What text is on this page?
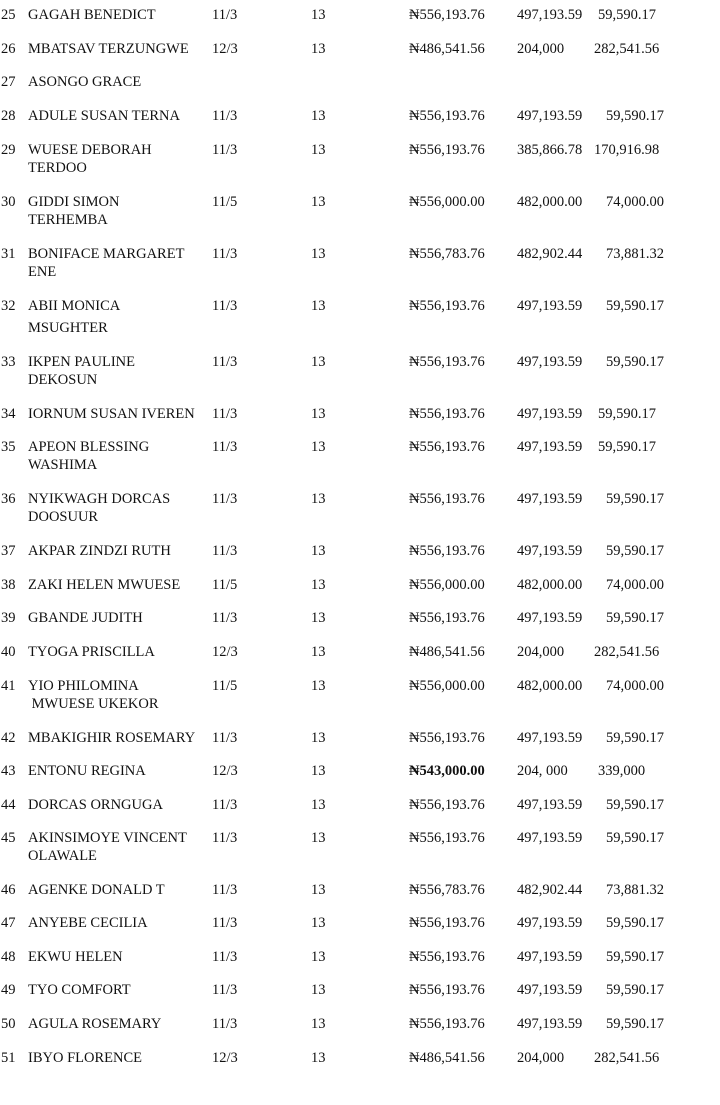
25 GAGAH BENEDICT	11/3	13	₦556,193.76 497,193.59 59,590.17
26 MBATSAV TERZUNGWE	12/3	13	₦486,541.56 204,000 282,541.56
27 ASONGO GRACE
28 ADULE SUSAN TERNA	11/3	13	₦556,193.76 497,193.59 59,590.17
29 WUESE DEBORAH
TERDOO
11/3	13	₦556,193.76 385,866.78 170,916.98
30 GIDDI SIMON
TERHEMBA
11/5	13	₦556,000.00 482,000.00 74,000.00
31 BONIFACE MARGARET
ENE
11/3	13	₦556,783.76 482,902.44 73,881.32
32 ABII MONICA
MSUGHTER
11/3	13	₦556,193.76 497,193.59 59,590.17
33 IKPEN PAULINE
DEKOSUN
11/3	13	₦556,193.76 497,193.59 59,590.17
34 IORNUM SUSAN IVEREN	11/3	13	₦556,193.76 497,193.59 59,590.17
35 APEON BLESSING
WASHIMA
11/3	13	₦556,193.76 497,193.59 59,590.17
36 NYIKWAGH DORCAS
DOOSUUR
11/3	13	₦556,193.76 497,193.59 59,590.17
37 AKPAR ZINDZI RUTH	11/3	13	₦556,193.76 497,193.59 59,590.17
38 ZAKI HELEN MWUESE	11/5	13	₦556,000.00 482,000.00 74,000.00
39 GBANDE JUDITH	11/3	13	₦556,193.76 497,193.59 59,590.17
40 TYOGA PRISCILLA	12/3	13	₦486,541.56 204,000 282,541.56
41 YIO PHILOMINA
MWUESE UKEKOR
11/5	13	₦556,000.00 482,000.00 74,000.00
42 MBAKIGHIR ROSEMARY	11/3	13	₦556,193.76 497,193.59 59,590.17
43 ENTONU REGINA	12/3	13	₦543,000.00 204, 000 339,000
44 DORCAS ORNGUGA	11/3	13	₦556,193.76 497,193.59 59,590.17
45 AKINSIMOYE VINCENT
OLAWALE
11/3	13	₦556,193.76 497,193.59 59,590.17
46 AGENKE DONALD T	11/3	13	₦556,783.76 482,902.44 73,881.32
47 ANYEBE CECILIA	11/3	13	₦556,193.76 497,193.59 59,590.17
48 EKWU HELEN	11/3	13	₦556,193.76 497,193.59 59,590.17
49 TYO COMFORT	11/3	13	₦556,193.76 497,193.59 59,590.17
50 AGULA ROSEMARY	11/3	13	₦556,193.76 497,193.59 59,590.17
51 IBYO FLORENCE	12/3	13	₦486,541.56 204,000 282,541.56
